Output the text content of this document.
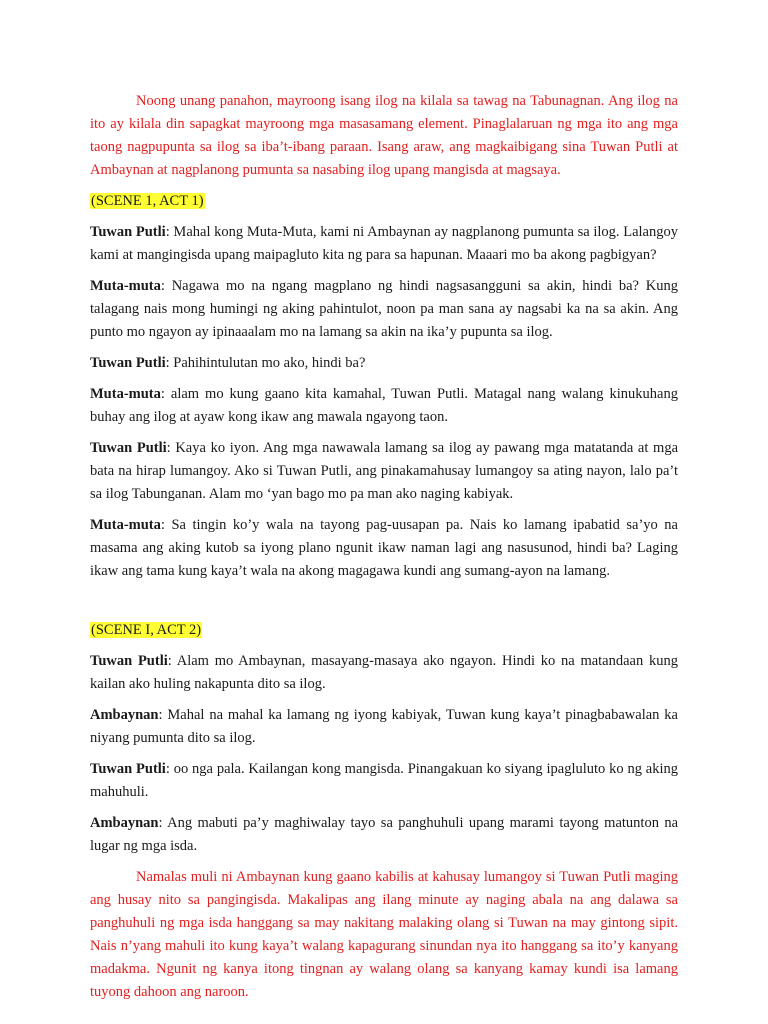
Noong unang panahon, mayroong isang ilog na kilala sa tawag na Tabunagnan. Ang ilog na ito ay kilala din sapagkat mayroong mga masasamang element. Pinaglalaruan ng mga ito ang mga taong nagpupunta sa ilog sa iba’t-ibang paraan. Isang araw, ang magkaibigang sina Tuwan Putli at Ambaynan at nagplanong pumunta sa nasabing ilog upang mangisda at magsaya.

(SCENE 1, ACT 1)

Tuwan Putli: Mahal kong Muta-Muta, kami ni Ambaynan ay nagplanong pumunta sa ilog. Lalangoy kami at mangingisda upang maipagluto kita ng para sa hapunan. Maaari mo ba akong pagbigyan?

Muta-muta: Nagawa mo na ngang magplano ng hindi nagsasangguni sa akin, hindi ba? Kung talagang nais mong humingi ng aking pahintulot, noon pa man sana ay nagsabi ka na sa akin. Ang punto mo ngayon ay ipinaaalam mo na lamang sa akin na ika’y pupunta sa ilog.

Tuwan Putli: Pahihintulutan mo ako, hindi ba?

Muta-muta: alam mo kung gaano kita kamahal, Tuwan Putli. Matagal nang walang kinukuhang buhay ang ilog at ayaw kong ikaw ang mawala ngayong taon.

Tuwan Putli: Kaya ko iyon. Ang mga nawawala lamang sa ilog ay pawang mga matatanda at mga bata na hirap lumangoy. Ako si Tuwan Putli, ang pinakamahusay lumangoy sa ating nayon, lalo pa’t sa ilog Tabunganan. Alam mo ‘yan bago mo pa man ako naging kabiyak.

Muta-muta: Sa tingin ko’y wala na tayong pag-uusapan pa. Nais ko lamang ipabatid sa’yo na masama ang aking kutob sa iyong plano ngunit ikaw naman lagi ang nasusunod, hindi ba? Laging ikaw ang tama kung kaya’t wala na akong magagawa kundi ang sumang-ayon na lamang.

(SCENE I, ACT 2)

Tuwan Putli: Alam mo Ambaynan, masayang-masaya ako ngayon. Hindi ko na matandaan kung kailan ako huling nakapunta dito sa ilog.

Ambaynan: Mahal na mahal ka lamang ng iyong kabiyak, Tuwan kung kaya’t pinagbabawalan ka niyang pumunta dito sa ilog.

Tuwan Putli: oo nga pala. Kailangan kong mangisda. Pinangakuan ko siyang ipagluluto ko ng aking mahuhuli.

Ambaynan: Ang mabuti pa’y maghiwalay tayo sa panghuhuli upang marami tayong matunton na lugar ng mga isda.

Namalas muli ni Ambaynan kung gaano kabilis at kahusay lumangoy si Tuwan Putli maging ang husay nito sa pangingisda. Makalipas ang ilang minute ay naging abala na ang dalawa sa panghuhuli ng mga isda hanggang sa may nakitang malaking olang si Tuwan na may gintong sipit. Nais n’yang mahuli ito kung kaya’t walang kapagurang sinundan nya ito hanggang sa ito’y kanyang madakma. Ngunit ng kanya itong tingnan ay walang olang sa kanyang kamay kundi isa lamang tuyong dahoon ang naroon.
